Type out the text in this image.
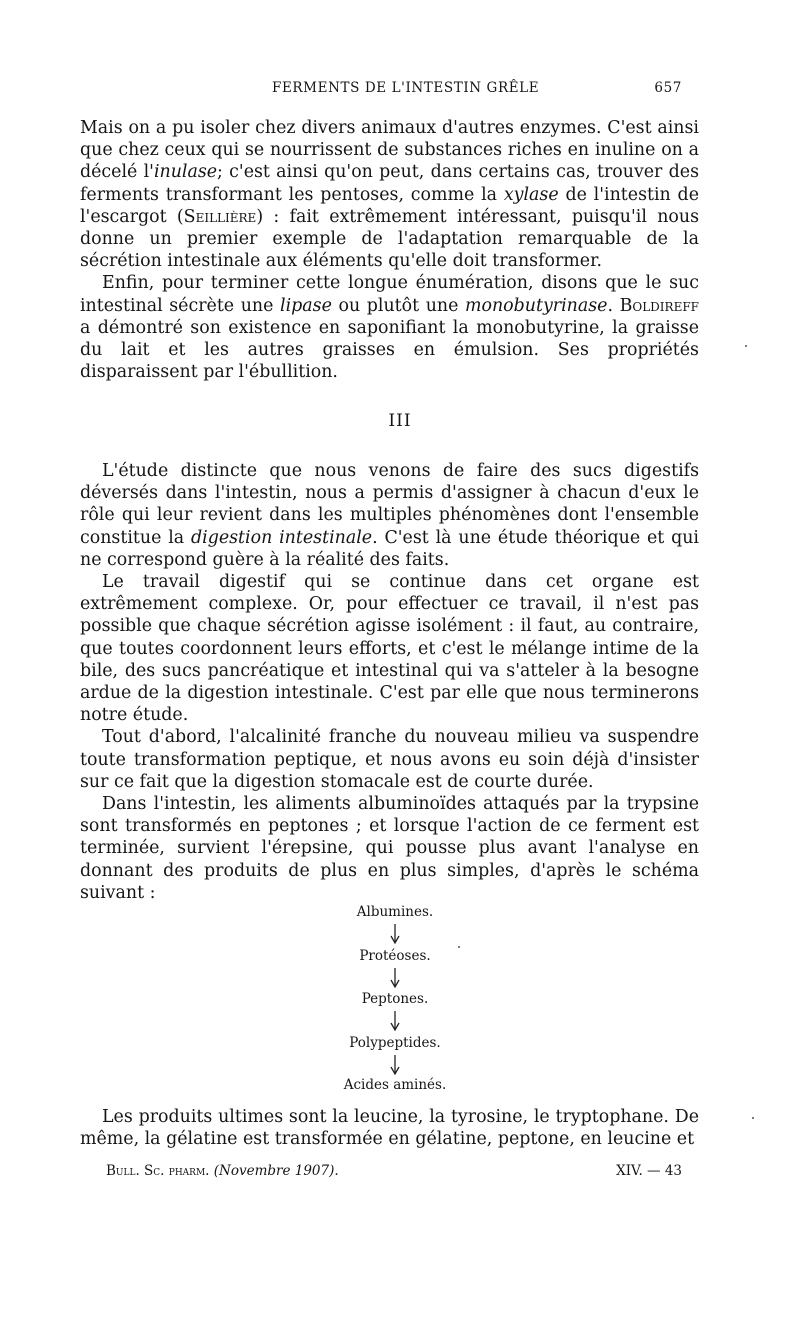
FERMENTS DE L'INTESTIN GRÊLE	657

Mais on a pu isoler chez divers animaux d'autres enzymes. C'est ainsi que chez ceux qui se nourrissent de substances riches en inuline on a décelé l'inulase; c'est ainsi qu'on peut, dans certains cas, trouver des ferments transformant les pentoses, comme la xylase de l'intestin de l'escargot (Seillière) : fait extrêmement intéressant, puisqu'il nous donne un premier exemple de l'adaptation remarquable de la sécrétion intestinale aux éléments qu'elle doit transformer.

Enfin, pour terminer cette longue énumération, disons que le suc intestinal sécrète une lipase ou plutôt une monobutyrinase. Boldireff a démontré son existence en saponifiant la monobutyrine, la graisse du lait et les autres graisses en émulsion. Ses propriétés disparaissent par l'ébullition.

III

L'étude distincte que nous venons de faire des sucs digestifs déversés dans l'intestin, nous a permis d'assigner à chacun d'eux le rôle qui leur revient dans les multiples phénomènes dont l'ensemble constitue la digestion intestinale. C'est là une étude théorique et qui ne correspond guère à la réalité des faits.

Le travail digestif qui se continue dans cet organe est extrêmement complexe. Or, pour effectuer ce travail, il n'est pas possible que chaque sécrétion agisse isolément : il faut, au contraire, que toutes coordonnent leurs efforts, et c'est le mélange intime de la bile, des sucs pancréatique et intestinal qui va s'atteler à la besogne ardue de la digestion intestinale. C'est par elle que nous terminerons notre étude.

Tout d'abord, l'alcalinité franche du nouveau milieu va suspendre toute transformation peptique, et nous avons eu soin déjà d'insister sur ce fait que la digestion stomacale est de courte durée.

Dans l'intestin, les aliments albuminoïdes attaqués par la trypsine sont transformés en peptones ; et lorsque l'action de ce ferment est terminée, survient l'érepsine, qui pousse plus avant l'analyse en donnant des produits de plus en plus simples, d'après le schéma suivant :

Albumines.
Protéoses.
Peptones.
Polypeptides.
Acides aminés.

Les produits ultimes sont la leucine, la tyrosine, le tryptophane. De même, la gélatine est transformée en gélatine, peptone, en leucine et

Bull. Sc. pharm. (Novembre 1907).	XIV. — 43
